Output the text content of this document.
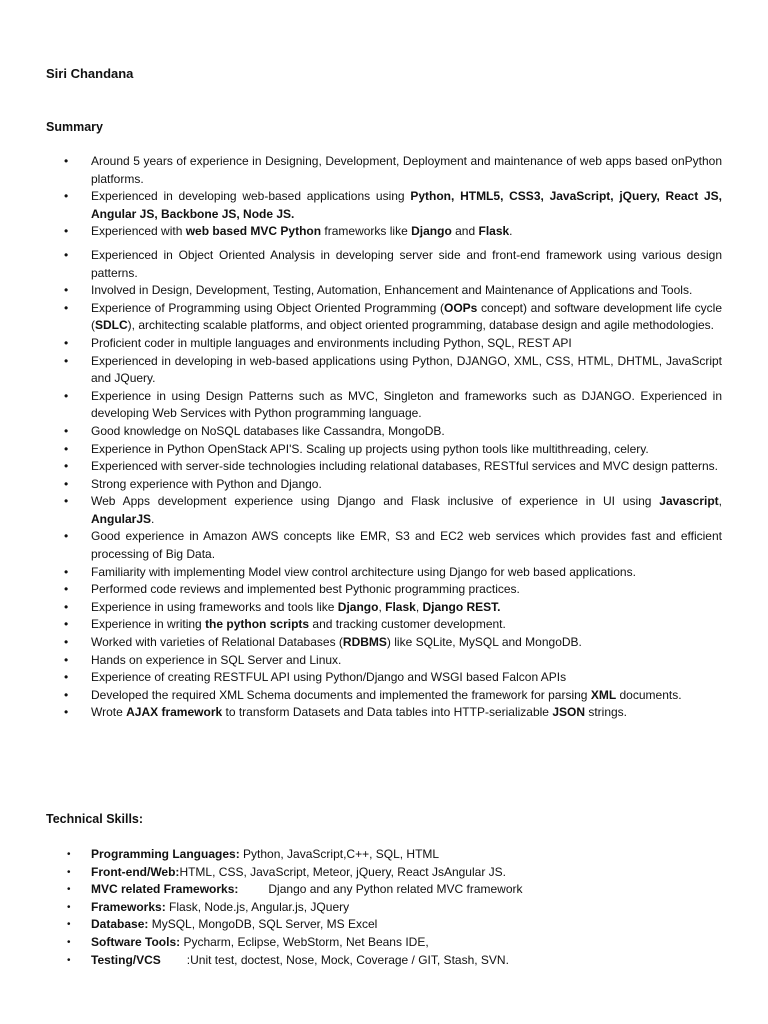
Siri Chandana
Summary
• Around 5 years of experience in Designing, Development, Deployment and maintenance of web apps based onPython platforms.
• Experienced in developing web-based applications using Python, HTML5, CSS3, JavaScript, jQuery, React JS, Angular JS, Backbone JS, Node JS.
• Experienced with web based MVC Python frameworks like Django and Flask.
• Experienced in Object Oriented Analysis in developing server side and front-end framework using various design patterns.
• Involved in Design, Development, Testing, Automation, Enhancement and Maintenance of Applications and Tools.
• Experience of Programming using Object Oriented Programming (OOPs concept) and software development life cycle (SDLC), architecting scalable platforms, and object oriented programming, database design and agile methodologies.
• Proficient coder in multiple languages and environments including Python, SQL, REST API
• Experienced in developing in web-based applications using Python, DJANGO, XML, CSS, HTML, DHTML, JavaScript and JQuery.
• Experience in using Design Patterns such as MVC, Singleton and frameworks such as DJANGO. Experienced in developing Web Services with Python programming language.
• Good knowledge on NoSQL databases like Cassandra, MongoDB.
• Experience in Python OpenStack API'S. Scaling up projects using python tools like multithreading, celery.
• Experienced with server-side technologies including relational databases, RESTful services and MVC design patterns.
• Strong experience with Python and Django.
• Web Apps development experience using Django and Flask inclusive of experience in UI using Javascript, AngularJS.
• Good experience in Amazon AWS concepts like EMR, S3 and EC2 web services which provides fast and efficient processing of Big Data.
• Familiarity with implementing Model view control architecture using Django for web based applications.
• Performed code reviews and implemented best Pythonic programming practices.
• Experience in using frameworks and tools like Django, Flask, Django REST.
• Experience in writing the python scripts and tracking customer development.
• Worked with varieties of Relational Databases (RDBMS) like SQLite, MySQL and MongoDB.
• Hands on experience in SQL Server and Linux.
• Experience of creating RESTFUL API using Python/Django and WSGI based Falcon APIs
• Developed the required XML Schema documents and implemented the framework for parsing XML documents.
• Wrote AJAX framework to transform Datasets and Data tables into HTTP-serializable JSON strings.
Technical Skills:
• Programming Languages: Python, JavaScript,C++, SQL, HTML
• Front-end/Web:HTML, CSS, JavaScript, Meteor, jQuery, React JsAngular JS.
• MVC related Frameworks:	Django and any Python related MVC framework
• Frameworks: Flask, Node.js, Angular.js, JQuery
• Database: MySQL, MongoDB, SQL Server, MS Excel
• Software Tools: Pycharm, Eclipse, WebStorm, Net Beans IDE,
• Testing/VCS :Unit test, doctest, Nose, Mock, Coverage / GIT, Stash, SVN.
